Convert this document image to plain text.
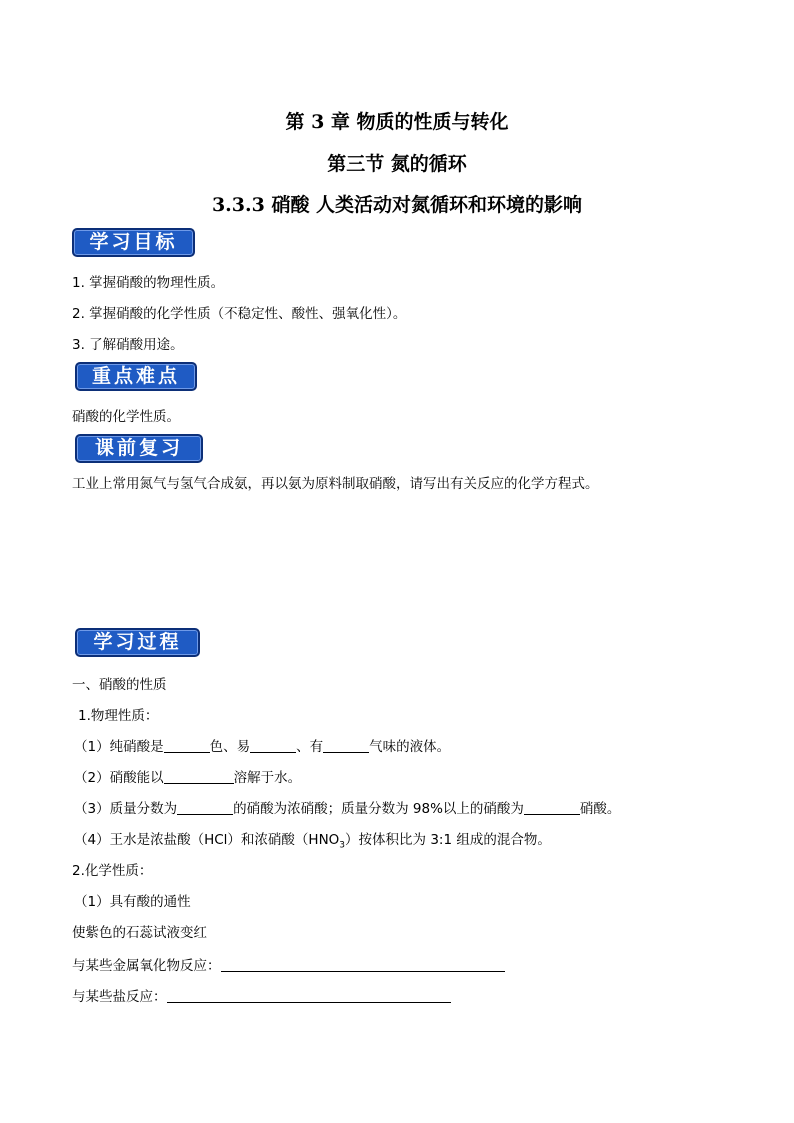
第 3 章 物质的性质与转化
第三节 氮的循环
3.3.3 硝酸 人类活动对氮循环和环境的影响
学习目标
1. 掌握硝酸的物理性质。
2. 掌握硝酸的化学性质（不稳定性、酸性、强氧化性）。
3. 了解硝酸用途。
重点难点
硝酸的化学性质。
课前复习
工业上常用氮气与氢气合成氨，再以氨为原料制取硝酸，请写出有关反应的化学方程式。
学习过程
一、硝酸的性质
1.物理性质：
（1）纯硝酸是	色、易	、有	气味的液体。
（2）硝酸能以	溶解于水。
（3）质量分数为	的硝酸为浓硝酸；质量分数为 98%以上的硝酸为	硝酸。
（4）王水是浓盐酸（HCl）和浓硝酸$(HNO_3)$按体积比为 3:1 组成的混合物。
2.化学性质：
（1）具有酸的通性
使紫色的石蕊试液变红
与某些金属氧化物反应：
与某些盐反应：
